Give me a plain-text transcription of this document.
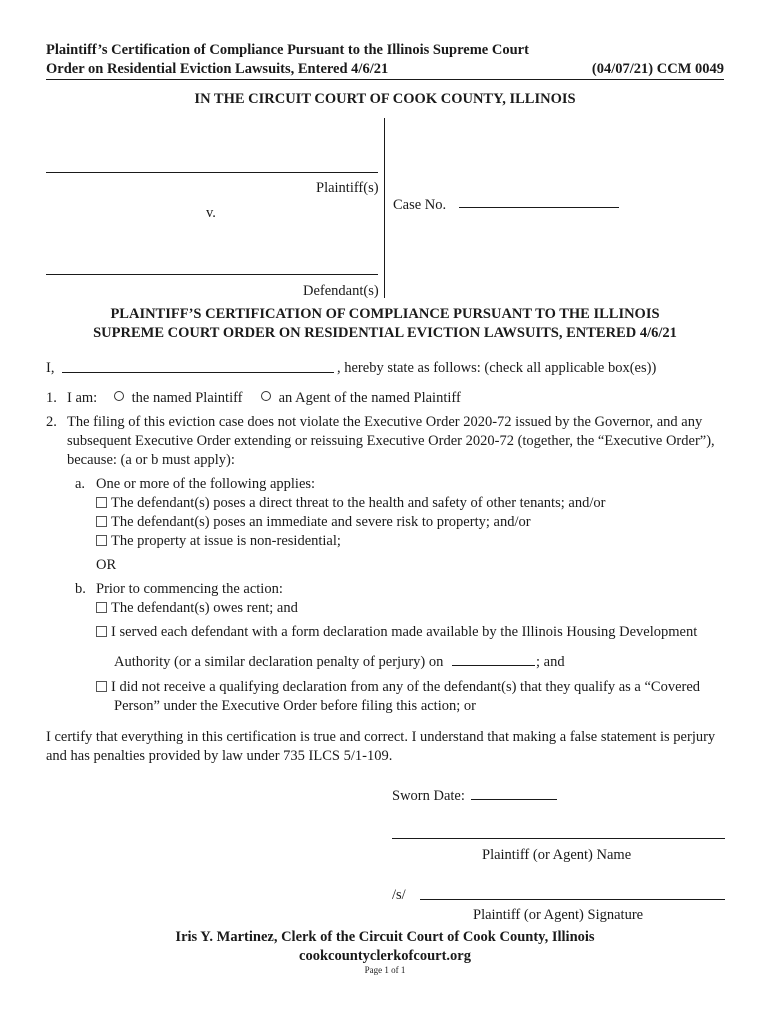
Plaintiff’s Certification of Compliance Pursuant to the Illinois Supreme Court
Order on Residential Eviction Lawsuits, Entered 4/6/21	(04/07/21) CCM 0049
IN THE CIRCUIT COURT OF COOK COUNTY, ILLINOIS
Plaintiff(s)
v.
Defendant(s)
Case No.
PLAINTIFF’S CERTIFICATION OF COMPLIANCE PURSUANT TO THE ILLINOIS
SUPREME COURT ORDER ON RESIDENTIAL EVICTION LAWSUITS, ENTERED 4/6/21
I,	, hereby state as follows: (check all applicable box(es))
1. I am:	the named Plaintiff	an Agent of the named Plaintiff
2. The filing of this eviction case does not violate the Executive Order 2020-72 issued by the Governor, and any
subsequent Executive Order extending or reissuing Executive Order 2020-72 (together, the “Executive Order”),
because: (a or b must apply):
a. One or more of the following applies:
The defendant(s) poses a direct threat to the health and safety of other tenants; and/or
The defendant(s) poses an immediate and severe risk to property; and/or
The property at issue is non-residential;
OR
b. Prior to commencing the action:
The defendant(s) owes rent; and
I served each defendant with a form declaration made available by the Illinois Housing Development
Authority (or a similar declaration penalty of perjury) on	; and
I did not receive a qualifying declaration from any of the defendant(s) that they qualify as a “Covered
Person” under the Executive Order before filing this action; or
I certify that everything in this certification is true and correct. I understand that making a false statement is perjury
and has penalties provided by law under 735 ILCS 5/1-109.
Sworn Date:
Plaintiff (or Agent) Name
/s/
Plaintiff (or Agent) Signature
Iris Y. Martinez, Clerk of the Circuit Court of Cook County, Illinois
cookcountyclerkofcourt.org
Page 1 of 1
